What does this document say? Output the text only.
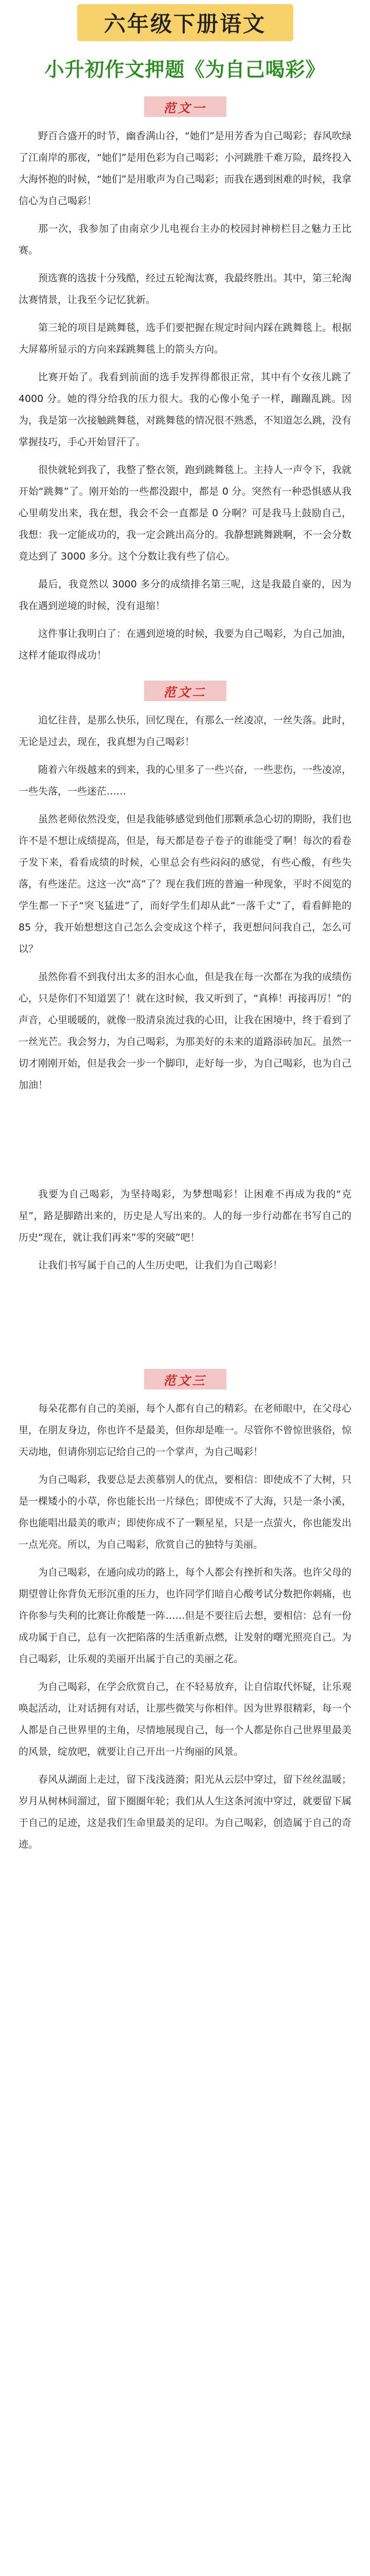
六年级下册语文
小升初作文押题《为自己喝彩》
范文一

野百合盛开的时节，幽香满山谷，“她们”是用芳香为自己喝彩；春风吹绿了江南岸的那夜，“她们”是用色彩为自己喝彩；小河跳胜千难万险，最终投入大海怀抱的时候，“她们”是用歌声为自己喝彩；而我在遇到困难的时候，我拿信心为自己喝彩！

那一次，我参加了由南京少儿电视台主办的校园封神榜栏目之魅力王比赛。

预选赛的选拔十分残酷，经过五轮淘汰赛，我最终胜出。其中，第三轮淘汰赛情景，让我至今记忆犹新。

第三轮的项目是跳舞毯，选手们要把握在规定时间内踩在跳舞毯上。根据大屏幕所显示的方向来踩跳舞毯上的箭头方向。

比赛开始了。我看到前面的选手发挥得都很正常，其中有个女孩儿跳了 4000 分。她的得分给我的压力很大。我的心像小兔子一样，蹦蹦乱跳。因为，我是第一次接触跳舞毯，对跳舞毯的情况很不熟悉，不知道怎么跳，没有掌握技巧，手心开始冒汗了。

很快就轮到我了，我整了整衣领，跑到跳舞毯上。主持人一声令下，我就开始“跳舞”了。刚开始的一些都没跟中，都是 0 分。突然有一种恐惧感从我心里萌发出来，我在想，我会不会一直都是 0 分啊？可是我马上鼓励自己，我想：我一定能成功的，我一定会跳出高分的。我静想跳舞跳啊，不一会分数竟达到了 3000 多分。这个分数让我有些了信心。

最后，我竟然以 3000 多分的成绩排名第三呢，这是我最自豪的，因为我在遇到逆境的时候，没有退缩！

这件事让我明白了：在遇到逆境的时候，我要为自己喝彩，为自己加油，这样才能取得成功！

范文二

追忆往昔，是那么快乐，回忆现在，有那么一丝凌凉，一丝失落。此时，无论是过去，现在，我真想为自己喝彩！

随着六年级越来的到来，我的心里多了一些兴奋，一些悲伤，一些凌凉，一些失落，一些迷茫……

虽然老师依然没变，但是我能够感觉到他们那颗承急心切的期盼，我们也许不是不想让成绩提高，但是，每天都是卷子卷子的谁能受了啊！每次的看卷子发下来，看看成绩的时候，心里总会有些闷闷的感觉，有些心酸，有些失落，有些迷茫。这这一次“高”了？现在我们班的普遍一种现象，平时不阅览的学生都一下子“突飞猛进”了，而好学生们却从此“一落千丈”了，看看鲜艳的 85 分，我开始想想这自己怎么会变成这个样子，我更想问问我自己，怎么可以？

虽然你看不到我付出太多的泪水心血，但是我在每一次都在为我的成绩伤心，只是你们不知道罢了！就在这时候，我又听到了，“真棒！再接再厉！”的声音，心里暖暖的，就像一股清泉流过我的心田，让我在困境中，终于看到了一丝光芒。我会努力，为自己喝彩，为那美好的未来的道路添砖加瓦。虽然一切才刚刚开始，但是我会一步一个脚印，走好每一步，为自己喝彩，也为自己加油！

我要为自己喝彩，为坚持喝彩，为梦想喝彩！让困难不再成为我的“克星”，路是脚踏出来的，历史是人写出来的。人的每一步行动都在书写自己的历史“现在，就让我们再来”零的突破”吧！

让我们书写属于自己的人生历史吧，让我们为自己喝彩！

范文三

每朵花都有自己的美丽，每个人都有自己的精彩。在老师眼中，在父母心里，在朋友身边，你也许不是最美，但你却是唯一。尽管你不曾惊世骇俗，惊天动地，但请你别忘记给自己的一个掌声，为自己喝彩！

为自己喝彩，我要总是去羡慕别人的优点，要相信：即使成不了大树，只是一棵矮小的小草，你也能长出一片绿色；即使成不了大海，只是一条小溪，你也能唱出最美的歌声；即使你成不了一颗星星，只是一点萤火，你也能发出一点光亮。所以，为自己喝彩，欣赏自己的独特与美丽。

为自己喝彩，在通向成功的路上，每个人都会有挫折和失落。也许父母的期望曾让你背负无形沉重的压力，也许同学们暗自心酸考试分数把你刺痛，也许你参与失利的比赛让你酸楚一阵……但是不要往后去想，要相信：总有一份成功属于自己，总有一次把陷落的生活重新点燃，让发射的曙光照亮自己。为自己喝彩，让乐观的美丽开出属于自己的美丽之花。

为自己喝彩，在学会欣赏自己，在不轻易放弃，让自信取代怀疑，让乐观唤起活动，让对话拥有对话，让那些微笑与你相伴。因为世界很精彩，每一个人都是自己世界里的主角，尽情地展现自己，每一个人都是你自己世界里最美的风景，绽放吧，就要让自己开出一片绚丽的风景。

春风从湖面上走过，留下浅浅涟漪；阳光从云层中穿过，留下丝丝温暖；岁月从树林间溜过，留下圈圈年轮；我们从人生这条河流中穿过，就要留下属于自己的足迹，这是我们生命里最美的足印。为自己喝彩，创造属于自己的奇迹。
